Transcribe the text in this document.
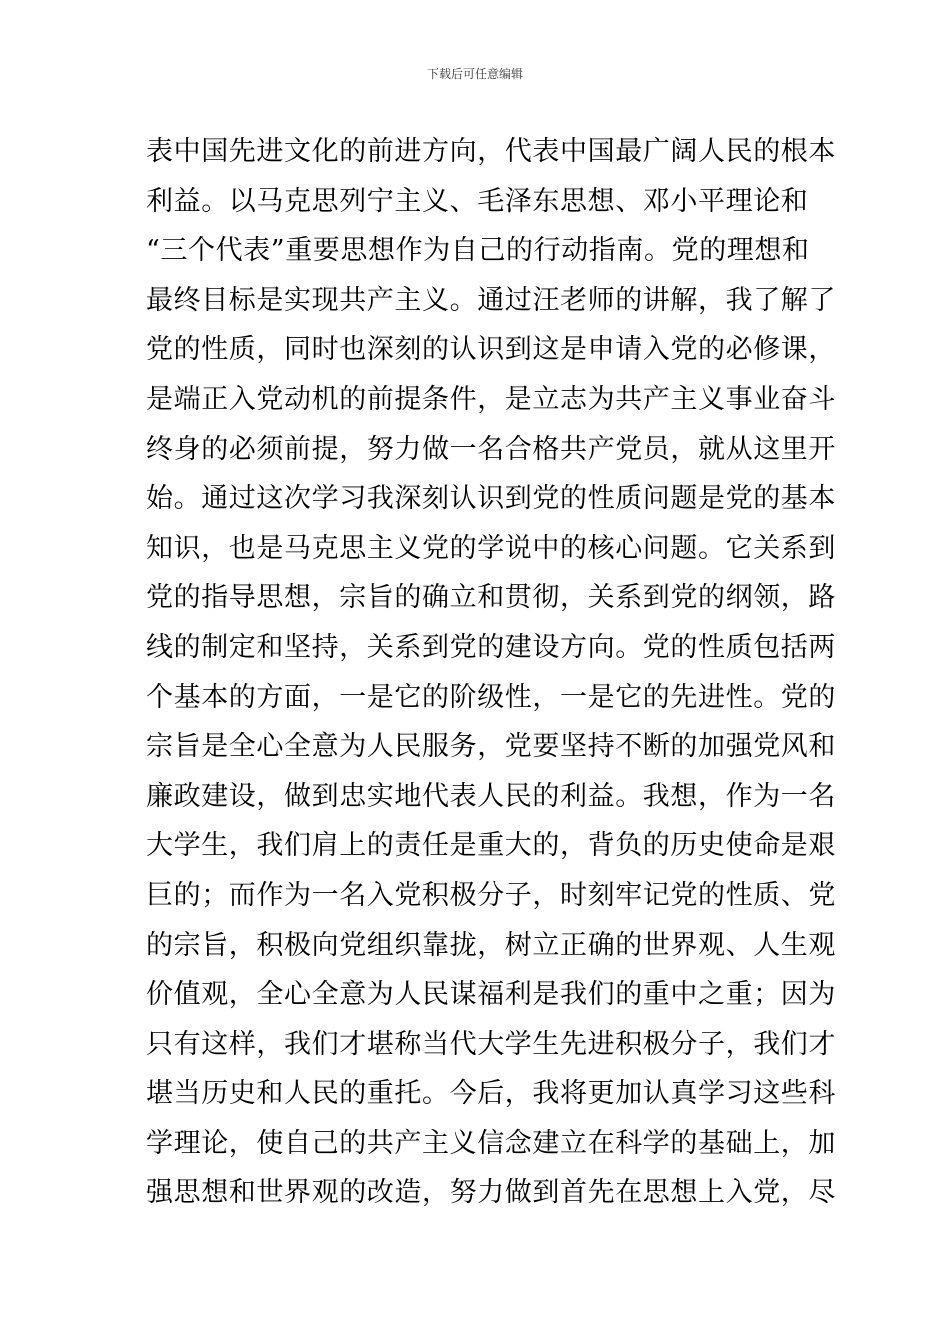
下载后可任意编辑
表中国先进文化的前进方向，代表中国最广阔人民的根本
利益。以马克思列宁主义、毛泽东思想、邓小平理论和
“三个代表”重要思想作为自己的行动指南。党的理想和
最终目标是实现共产主义。通过汪老师的讲解，我了解了
党的性质，同时也深刻的认识到这是申请入党的必修课，
是端正入党动机的前提条件，是立志为共产主义事业奋斗
终身的必须前提，努力做一名合格共产党员，就从这里开
始。通过这次学习我深刻认识到党的性质问题是党的基本
知识，也是马克思主义党的学说中的核心问题。它关系到
党的指导思想，宗旨的确立和贯彻，关系到党的纲领，路
线的制定和坚持，关系到党的建设方向。党的性质包括两
个基本的方面，一是它的阶级性，一是它的先进性。党的
宗旨是全心全意为人民服务，党要坚持不断的加强党风和
廉政建设，做到忠实地代表人民的利益。我想，作为一名
大学生，我们肩上的责任是重大的，背负的历史使命是艰
巨的；而作为一名入党积极分子，时刻牢记党的性质、党
的宗旨，积极向党组织靠拢，树立正确的世界观、人生观
价值观，全心全意为人民谋福利是我们的重中之重；因为
只有这样，我们才堪称当代大学生先进积极分子，我们才
堪当历史和人民的重托。今后，我将更加认真学习这些科
学理论，使自己的共产主义信念建立在科学的基础上，加
强思想和世界观的改造，努力做到首先在思想上入党，尽
